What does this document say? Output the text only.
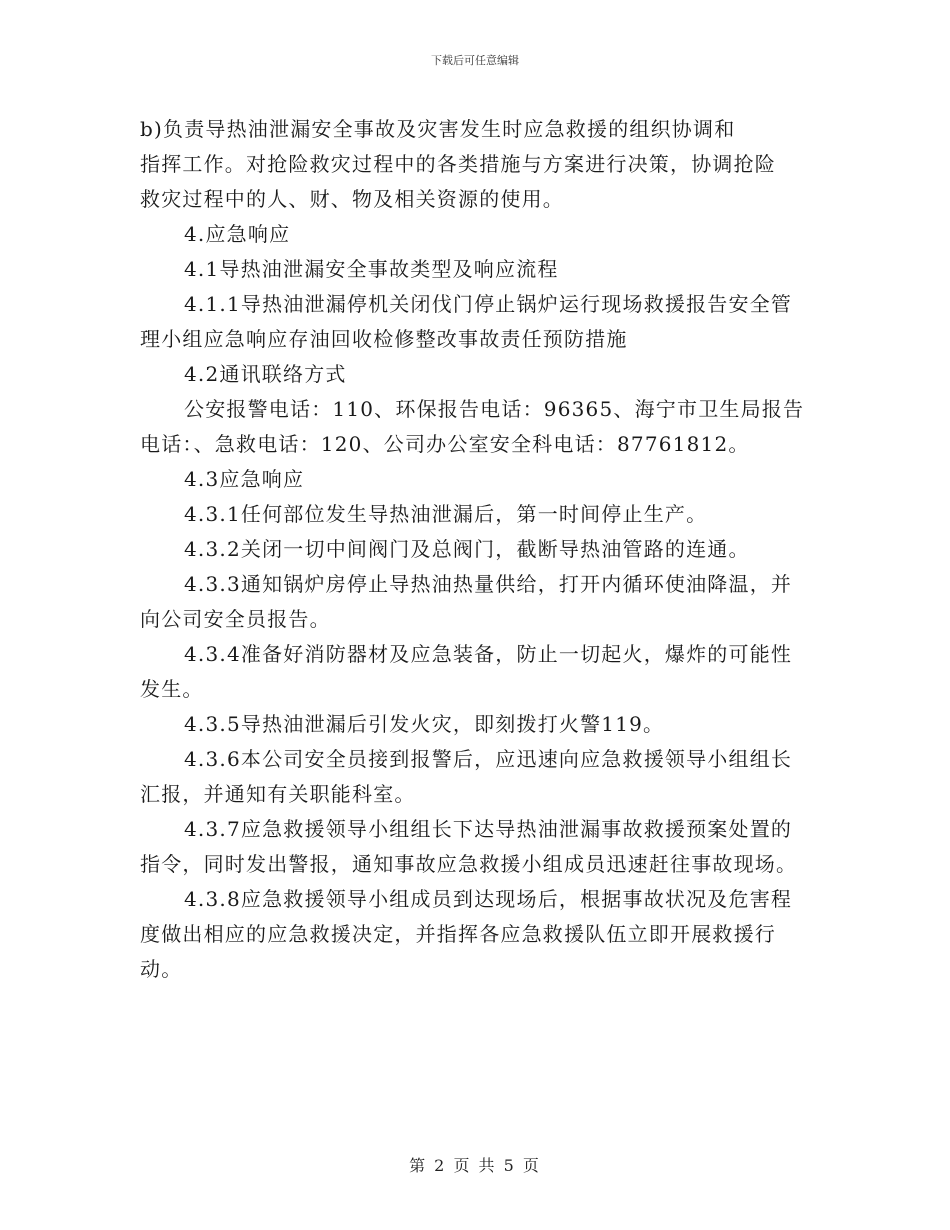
下载后可任意编辑
b)负责导热油泄漏安全事故及灾害发生时应急救援的组织协调和
指挥工作。对抢险救灾过程中的各类措施与方案进行决策，协调抢险
救灾过程中的人、财、物及相关资源的使用。
4.应急响应
4.1导热油泄漏安全事故类型及响应流程
4.1.1导热油泄漏停机关闭伐门停止锅炉运行现场救援报告安全管
理小组应急响应存油回收检修整改事故责任预防措施
4.2通讯联络方式
公安报警电话：110、环保报告电话：96365、海宁市卫生局报告
电话：、急救电话：120、公司办公室安全科电话：87761812。
4.3应急响应
4.3.1任何部位发生导热油泄漏后，第一时间停止生产。
4.3.2关闭一切中间阀门及总阀门，截断导热油管路的连通。
4.3.3通知锅炉房停止导热油热量供给，打开内循环使油降温，并
向公司安全员报告。
4.3.4准备好消防器材及应急装备，防止一切起火，爆炸的可能性
发生。
4.3.5导热油泄漏后引发火灾，即刻拨打火警119。
4.3.6本公司安全员接到报警后，应迅速向应急救援领导小组组长
汇报，并通知有关职能科室。
4.3.7应急救援领导小组组长下达导热油泄漏事故救援预案处置的
指令，同时发出警报，通知事故应急救援小组成员迅速赶往事故现场。
4.3.8应急救援领导小组成员到达现场后，根据事故状况及危害程
度做出相应的应急救援决定，并指挥各应急救援队伍立即开展救援行
动。
第 2 页 共 5 页
